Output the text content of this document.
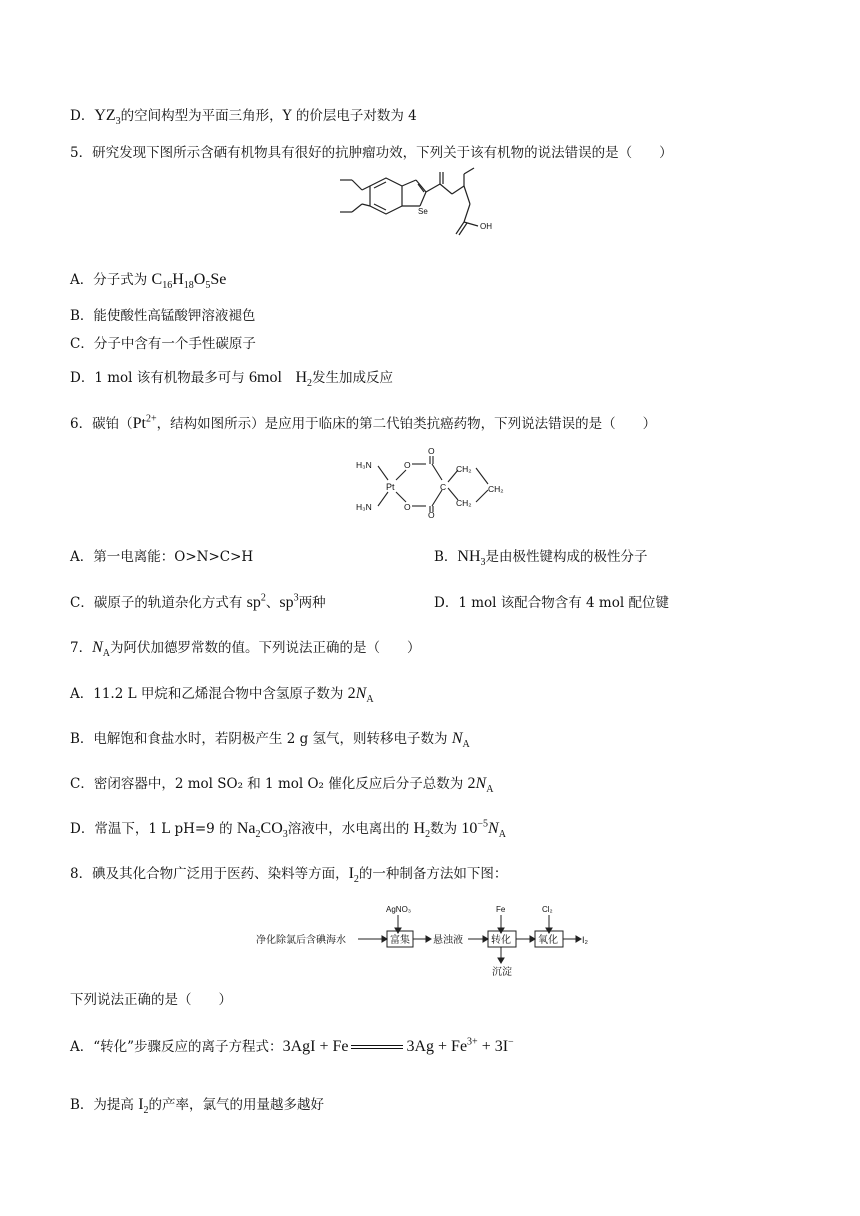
D．$YZ_3$的空间构型为平面三角形，Y 的价层电子对数为 4
5．研究发现下图所示含硒有机物具有很好的抗肿瘤功效，下列关于该有机物的说法错误的是（　　）
Se
OH
A．分子式为 $C_{16}H_{18}O_5Se$
B．能使酸性高锰酸钾溶液褪色
C．分子中含有一个手性碳原子
D．1 mol 该有机物最多可与 6mol　 $H_2$发生加成反应
6．碳铂（$Pt^{2+}$，结构如图所示）是应用于临床的第二代铂类抗癌药物，下列说法错误的是（　　）
H₃N
H₃N
Pt
O
O
O
O
C
CH₂
CH₂
CH₂
A．第一电离能：O>N>C>H	B．$NH_3$是由极性键构成的极性分子
C．碳原子的轨道杂化方式有 $sp^2$、$sp^3$两种	D．1 mol 该配合物含有 4 mol 配位键
7．$N_A$为阿伏加德罗常数的值。下列说法正确的是（　　）
A．11.2 L 甲烷和乙烯混合物中含氢原子数为 $2N_A$
B．电解饱和食盐水时，若阴极产生 2 g 氢气，则转移电子数为 $N_A$
C．密闭容器中，2 mol SO₂ 和 1 mol O₂ 催化反应后分子总数为 $2N_A$
D．常温下，1 L pH=9 的 $Na_2CO_3$溶液中，水电离出的 $H_2$数为 $10^{-5}N_A$
8．碘及其化合物广泛用于医药、染料等方面，$I_2$的一种制备方法如下图：
净化除氯后含碘海水
AgNO₃
富集 悬浊液
Fe
转化
沉淀
Cl₂
氧化	I₂
下列说法正确的是（　　）
A．“转化”步骤反应的离子方程式：3AgI + Fe	$3Ag + Fe^{3+} + 3I^-$
B．为提高 $I_2$的产率，氯气的用量越多越好
